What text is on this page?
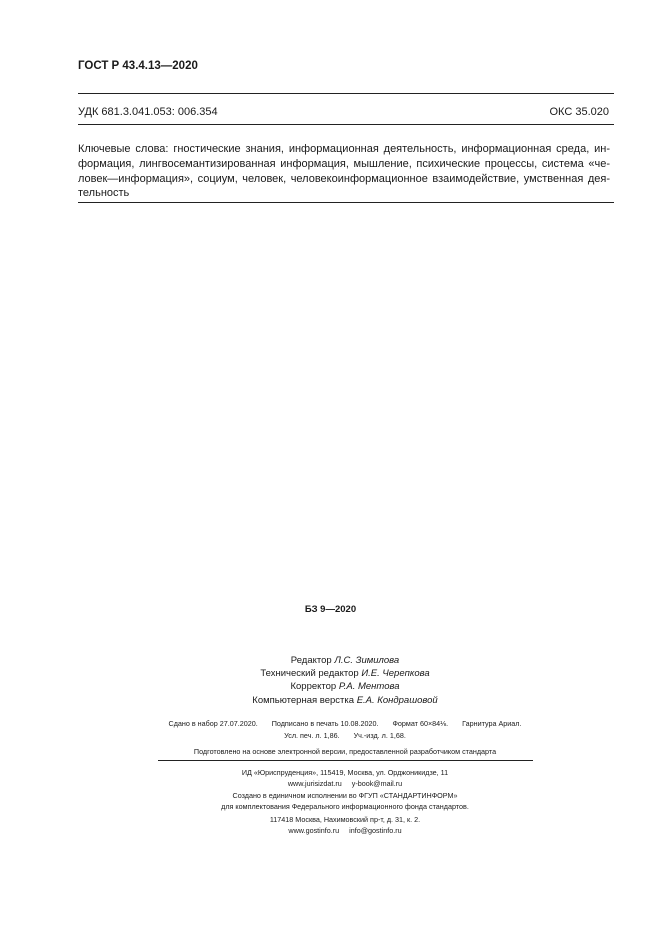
ГОСТ Р 43.4.13—2020
УДК 681.3.041.053: 006.354	ОКС 35.020
Ключевые слова: гностические знания, информационная деятельность, информационная среда, ин-
формация, лингвосемантизированная информация, мышление, психические процессы, система «че-
ловек—информация», социум, человек, человекоинформационное взаимодействие, умственная дея-
тельность
БЗ 9—2020
Редактор Л.С. Зимилова
Технический редактор И.Е. Черепкова
Корректор Р.А. Ментова
Компьютерная верстка Е.А. Кондрашовой
Сдано в набор 27.07.2020. Подписано в печать 10.08.2020. Формат 60×84⅛. Гарнитура Ариал.
Усл. печ. л. 1,86. Уч.-изд. л. 1,68.
Подготовлено на основе электронной версии, предоставленной разработчиком стандарта
ИД «Юриспруденция», 115419, Москва, ул. Орджоникидзе, 11
www.jurisizdat.ru y-book@mail.ru
Создано в единичном исполнении во ФГУП «СТАНДАРТИНФОРМ»
для комплектования Федерального информационного фонда стандартов.
117418 Москва, Нахимовский пр-т, д. 31, к. 2.
www.gostinfo.ru info@gostinfo.ru
